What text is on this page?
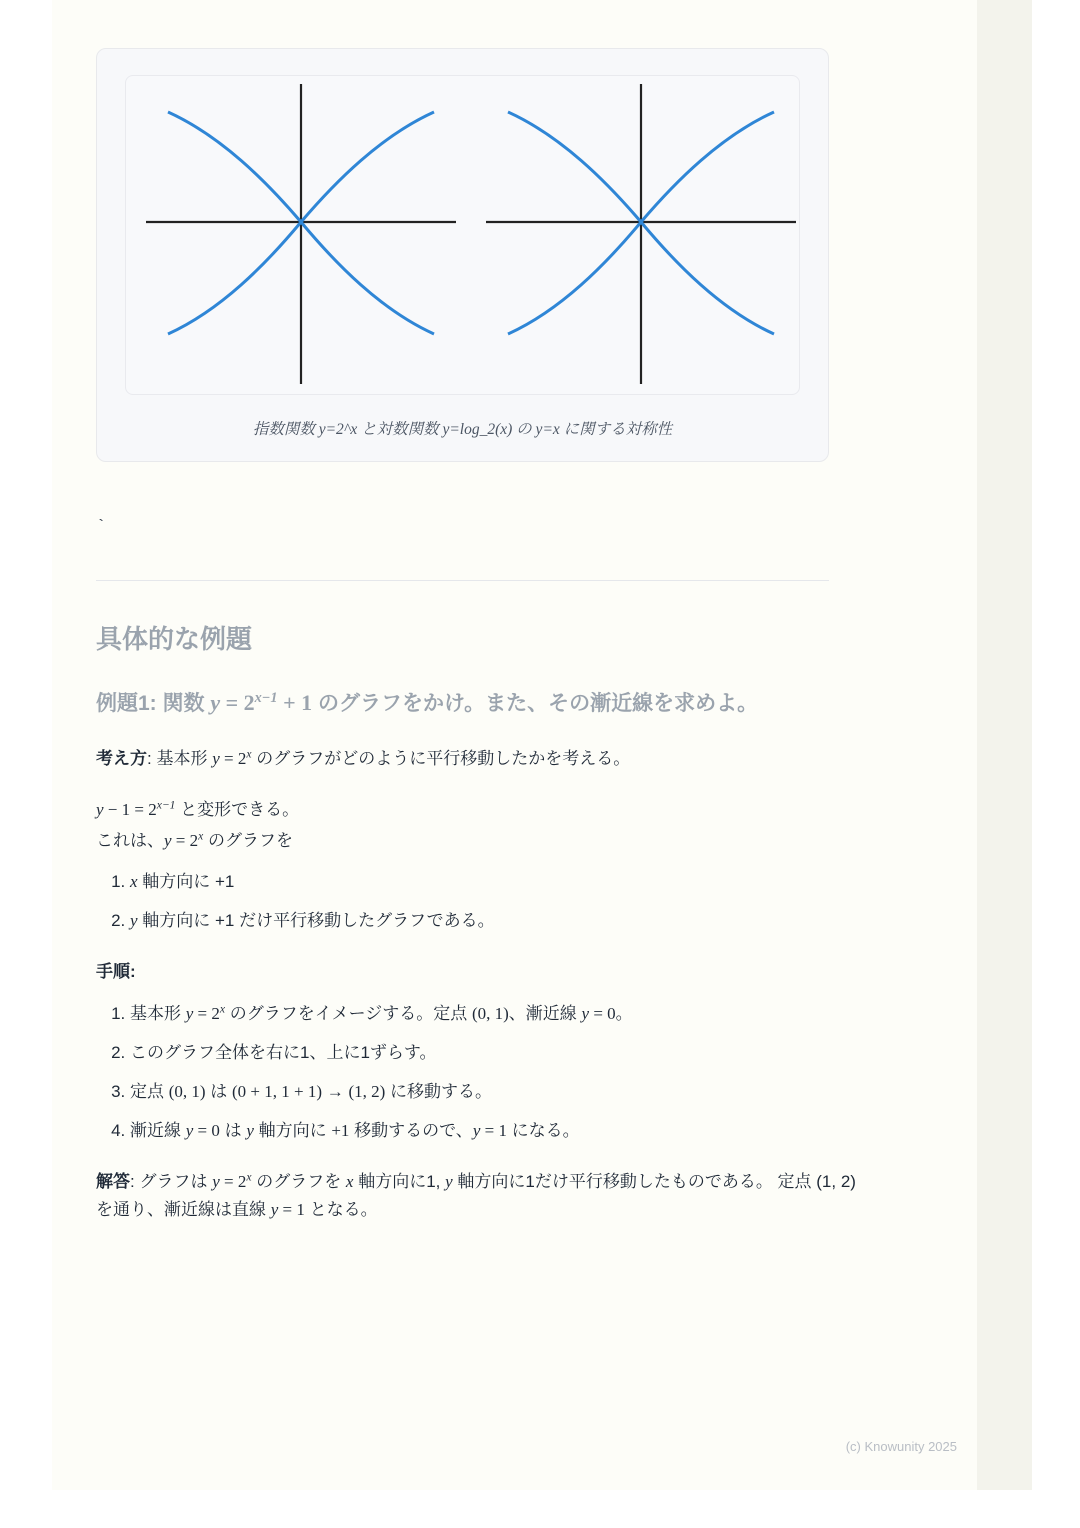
指数関数 y=2^x と対数関数 y=log_2(x) の y=x に関する対称性
`
具体的な例題
例題1: 関数 $y = 2^{x-1} + 1$ のグラフをかけ。また、その漸近線を求めよ。

考え方: 基本形 $y = 2^x$ のグラフがどのように平行移動したかを考える。

$y - 1 = 2^{x-1}$ と変形できる。

これは、$y = 2^x$ のグラフを

1. x 軸方向に +1
2. y 軸方向に +1 だけ平行移動したグラフである。

手順:

1. 基本形 $y = 2^x$ のグラフをイメージする。定点 (0, 1)、漸近線 y = 0。
2. このグラフ全体を右に1、上に1ずらす。
3. 定点 (0, 1) は (0 + 1, 1 + 1) → (1, 2) に移動する。
4. 漸近線 y = 0 は y 軸方向に +1 移動するので、y = 1 になる。

解答: グラフは $y = 2^x$ のグラフを x 軸方向に1, y 軸方向に1だけ平行移動したものである。 定点 (1, 2) を通り、漸近線は直線 y = 1 となる。

(c) Knowunity 2025
